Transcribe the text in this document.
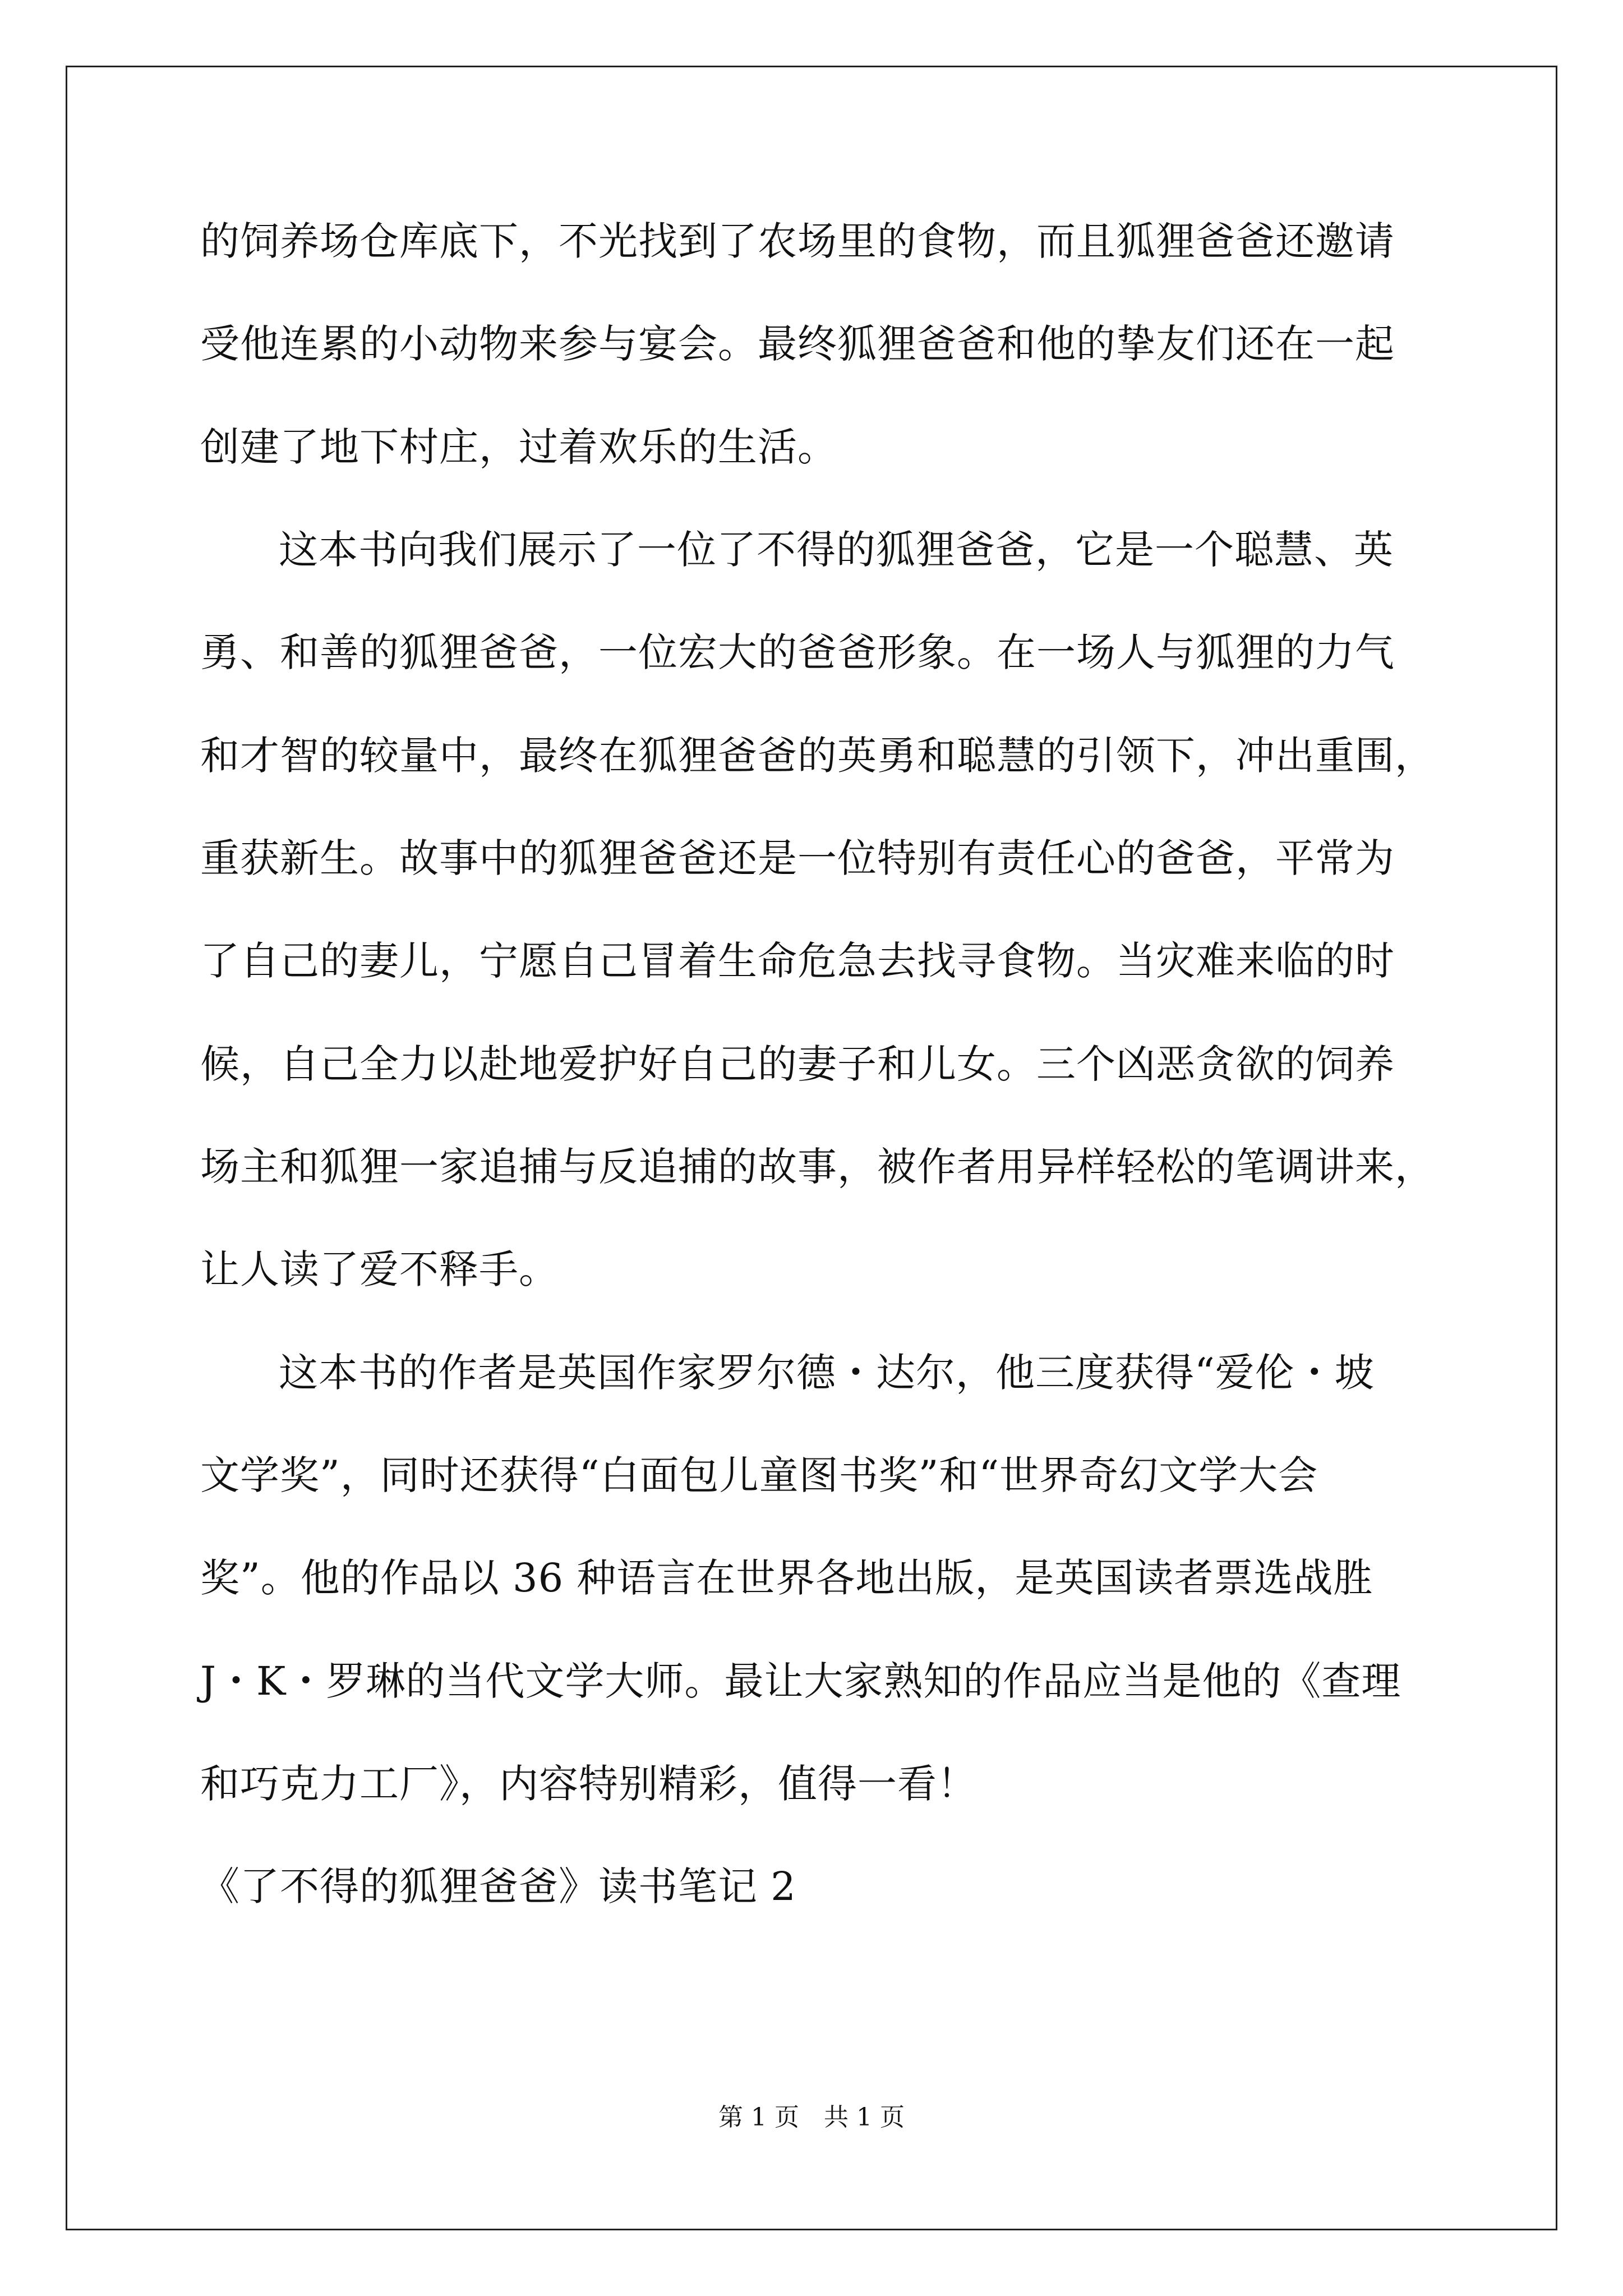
的饲养场仓库底下，不光找到了农场里的食物，而且狐狸爸爸还邀请
受他连累的小动物来参与宴会。最终狐狸爸爸和他的挚友们还在一起
创建了地下村庄，过着欢乐的生活。
这本书向我们展示了一位了不得的狐狸爸爸，它是一个聪慧、英
勇、和善的狐狸爸爸，一位宏大的爸爸形象。在一场人与狐狸的力气
和才智的较量中，最终在狐狸爸爸的英勇和聪慧的引领下，冲出重围，
重获新生。故事中的狐狸爸爸还是一位特别有责任心的爸爸，平常为
了自己的妻儿，宁愿自己冒着生命危急去找寻食物。当灾难来临的时
候，自己全力以赴地爱护好自己的妻子和儿女。三个凶恶贪欲的饲养
场主和狐狸一家追捕与反追捕的故事，被作者用异样轻松的笔调讲来，
让人读了爱不释手。
这本书的作者是英国作家罗尔德・达尔，他三度获得“爱伦・坡
文学奖”，同时还获得“白面包儿童图书奖”和“世界奇幻文学大会
奖”。他的作品以 36 种语言在世界各地出版，是英国读者票选战胜
J・K・罗琳的当代文学大师。最让大家熟知的作品应当是他的《查理
和巧克力工厂》，内容特别精彩，值得一看！
《了不得的狐狸爸爸》读书笔记 2
第 1 页　共 1 页
